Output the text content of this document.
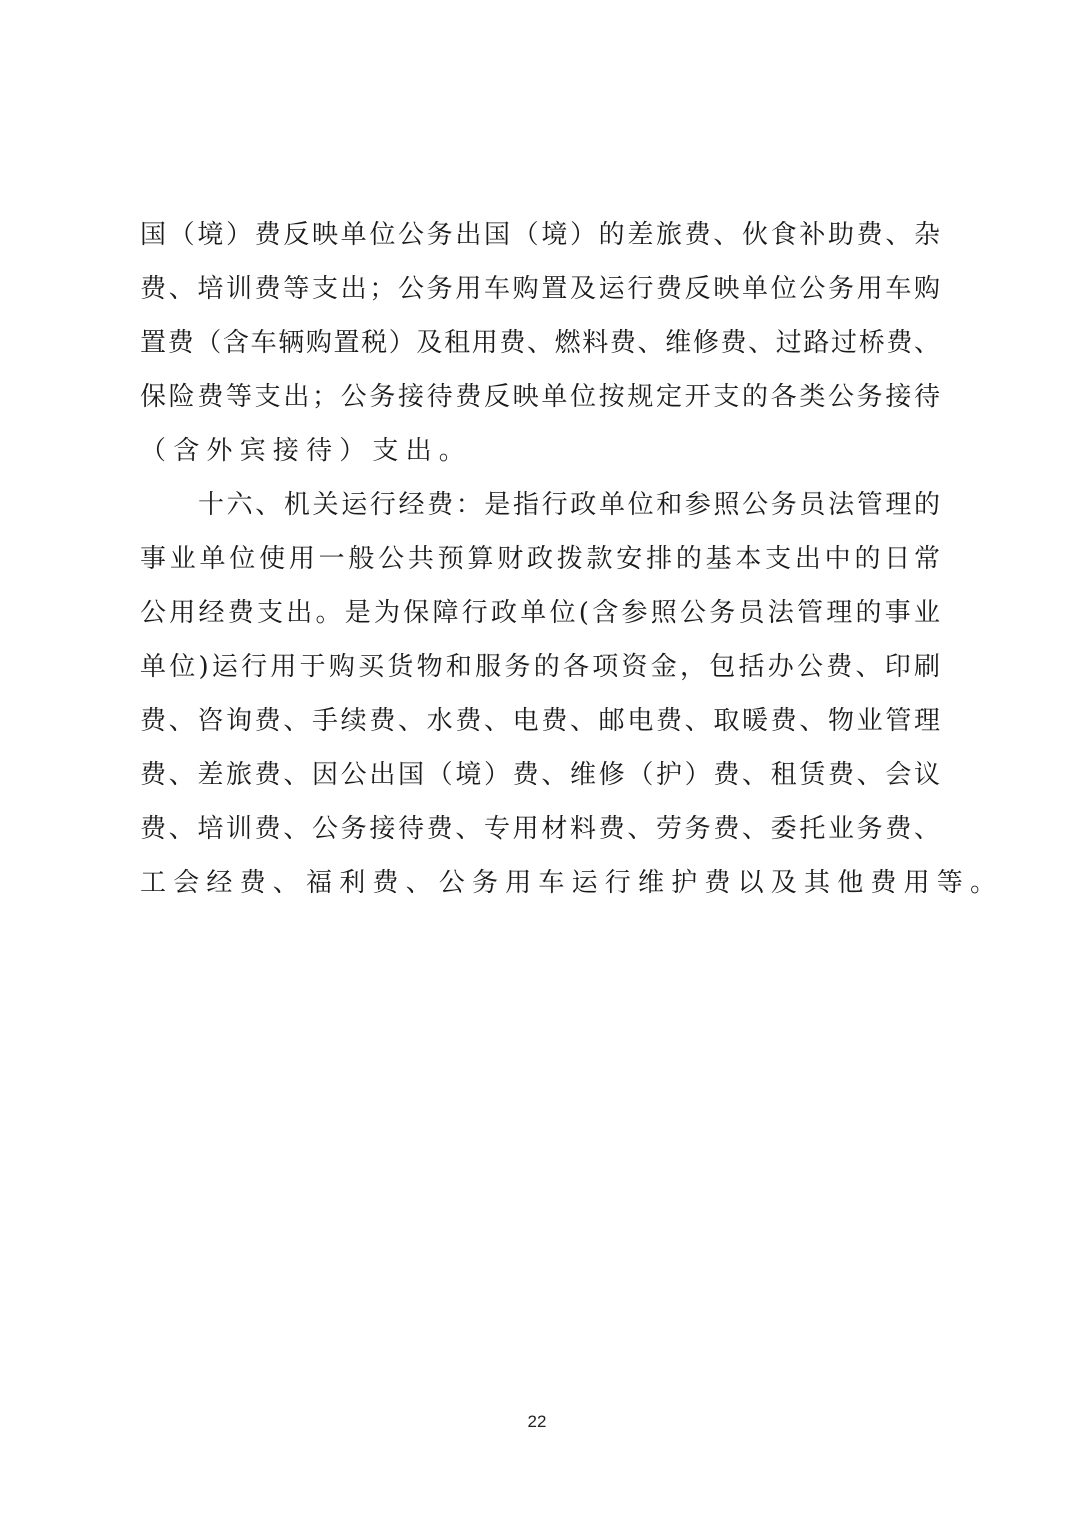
国（境）费反映单位公务出国（境）的差旅费、伙食补助费、杂
费、培训费等支出；公务用车购置及运行费反映单位公务用车购
置费（含车辆购置税）及租用费、燃料费、维修费、过路过桥费、
保险费等支出；公务接待费反映单位按规定开支的各类公务接待
（含外宾接待）支出。
十六、机关运行经费：是指行政单位和参照公务员法管理的
事业单位使用一般公共预算财政拨款安排的基本支出中的日常
公用经费支出。是为保障行政单位(含参照公务员法管理的事业
单位)运行用于购买货物和服务的各项资金，包括办公费、印刷
费、咨询费、手续费、水费、电费、邮电费、取暖费、物业管理
费、差旅费、因公出国（境）费、维修（护）费、租赁费、会议
费、培训费、公务接待费、专用材料费、劳务费、委托业务费、
工会经费、福利费、公务用车运行维护费以及其他费用等。
22
